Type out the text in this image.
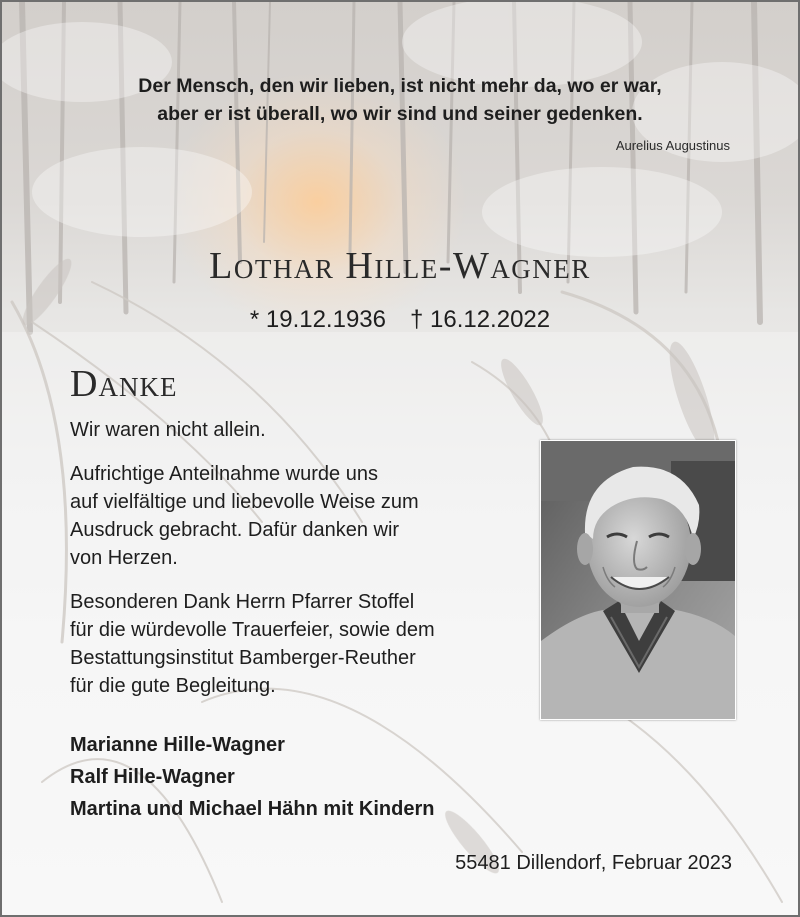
Der Mensch, den wir lieben, ist nicht mehr da, wo er war,
aber er ist überall, wo wir sind und seiner gedenken.
Aurelius Augustinus
Lothar Hille-Wagner
* 19.12.1936 † 16.12.2022
Danke
Wir waren nicht allein.
Aufrichtige Anteilnahme wurde uns
auf vielfältige und liebevolle Weise zum
Ausdruck gebracht. Dafür danken wir
von Herzen.
Besonderen Dank Herrn Pfarrer Stoffel
für die würdevolle Trauerfeier, sowie dem
Bestattungsinstitut Bamberger-Reuther
für die gute Begleitung.
Marianne Hille-Wagner
Ralf Hille-Wagner
Martina und Michael Hähn mit Kindern
55481 Dillendorf, Februar 2023
